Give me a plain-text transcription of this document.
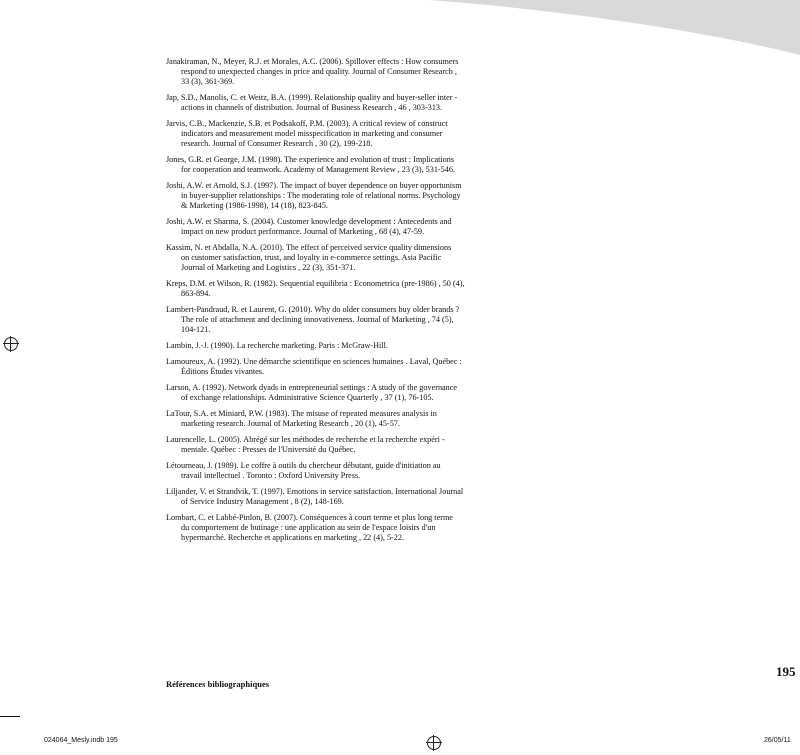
Janakiraman, N., Meyer, R.J. et Morales, A.C. (2006). Spillover effects : How consumers
respond to unexpected changes in price and quality. Journal of Consumer Research ,
33 (3), 361-369.
Jap, S.D., Manolis, C. et Weitz, B.A. (1999). Relationship quality and buyer-seller inter -
actions in channels of distribution. Journal of Business Research , 46 , 303-313.
Jarvis, C.B., Mackenzie, S.B. et Podsakoff, P.M. (2003). A critical review of construct
indicators and measurement model misspecification in marketing and consumer
research. Journal of Consumer Research , 30 (2), 199-218.
Jones, G.R. et George, J.M. (1998). The experience and evolution of trust : Implications
for cooperation and teamwork. Academy of Management Review , 23 (3), 531-546.
Joshi, A.W. et Arnold, S.J. (1997). The impact of buyer dependence on buyer opportunism
in buyer-supplier relationships : The moderating role of relational norms. Psychology
& Marketing (1986-1998), 14 (18), 823-845.
Joshi, A.W. et Sharma, S. (2004). Customer knowledge development : Antecedents and
impact on new product performance. Journal of Marketing , 68 (4), 47-59.
Kassim, N. et Abdalla, N.A. (2010). The effect of perceived service quality dimensions
on customer satisfaction, trust, and loyalty in e-commerce settings. Asia Pacific
Journal of Marketing and Logistics , 22 (3), 351-371.
Kreps, D.M. et Wilson, R. (1982). Sequential equilibria : Econometrica (pre-1986) , 50 (4),
863-894.
Lambert-Pandraud, R. et Laurent, G. (2010). Why do older consumers buy older brands ?
The role of attachment and declining innovativeness. Journal of Marketing , 74 (5),
104-121.
Lambin, J.-J. (1990). La recherche marketing. Paris : McGraw-Hill.
Lamoureux, A. (1992). Une démarche scientifique en sciences humaines . Laval, Québec :
Éditions Études vivantes.
Larson, A. (1992). Network dyads in entrepreneurial settings : A study of the governance
of exchange relationships. Administrative Science Quarterly , 37 (1), 76-105.
LaTour, S.A. et Miniard, P.W. (1983). The misuse of repeated measures analysis in
marketing research. Journal of Marketing Research , 20 (1), 45-57.
Laurencelle, L. (2005). Abrégé sur les méthodes de recherche et la recherche expéri -
mentale. Québec : Presses de l'Université du Québec.
Létourneau, J. (1989). Le coffre à outils du chercheur débutant, guide d'initiation au
travail intellectuel . Toronto : Oxford University Press.
Liljander, V. et Strandvik, T. (1997). Emotions in service satisfaction. International Journal
of Service Industry Management , 8 (2), 148-169.
Lombart, C. et Labbé-Pinlon, B. (2007). Conséquences à court terme et plus long terme
du comportement de butinage : une application au sein de l'espace loisirs d'un
hypermarché. Recherche et applications en marketing , 22 (4), 5-22.
195
Références bibliographiques
024064_Mesly.indb 195	26/05/11
